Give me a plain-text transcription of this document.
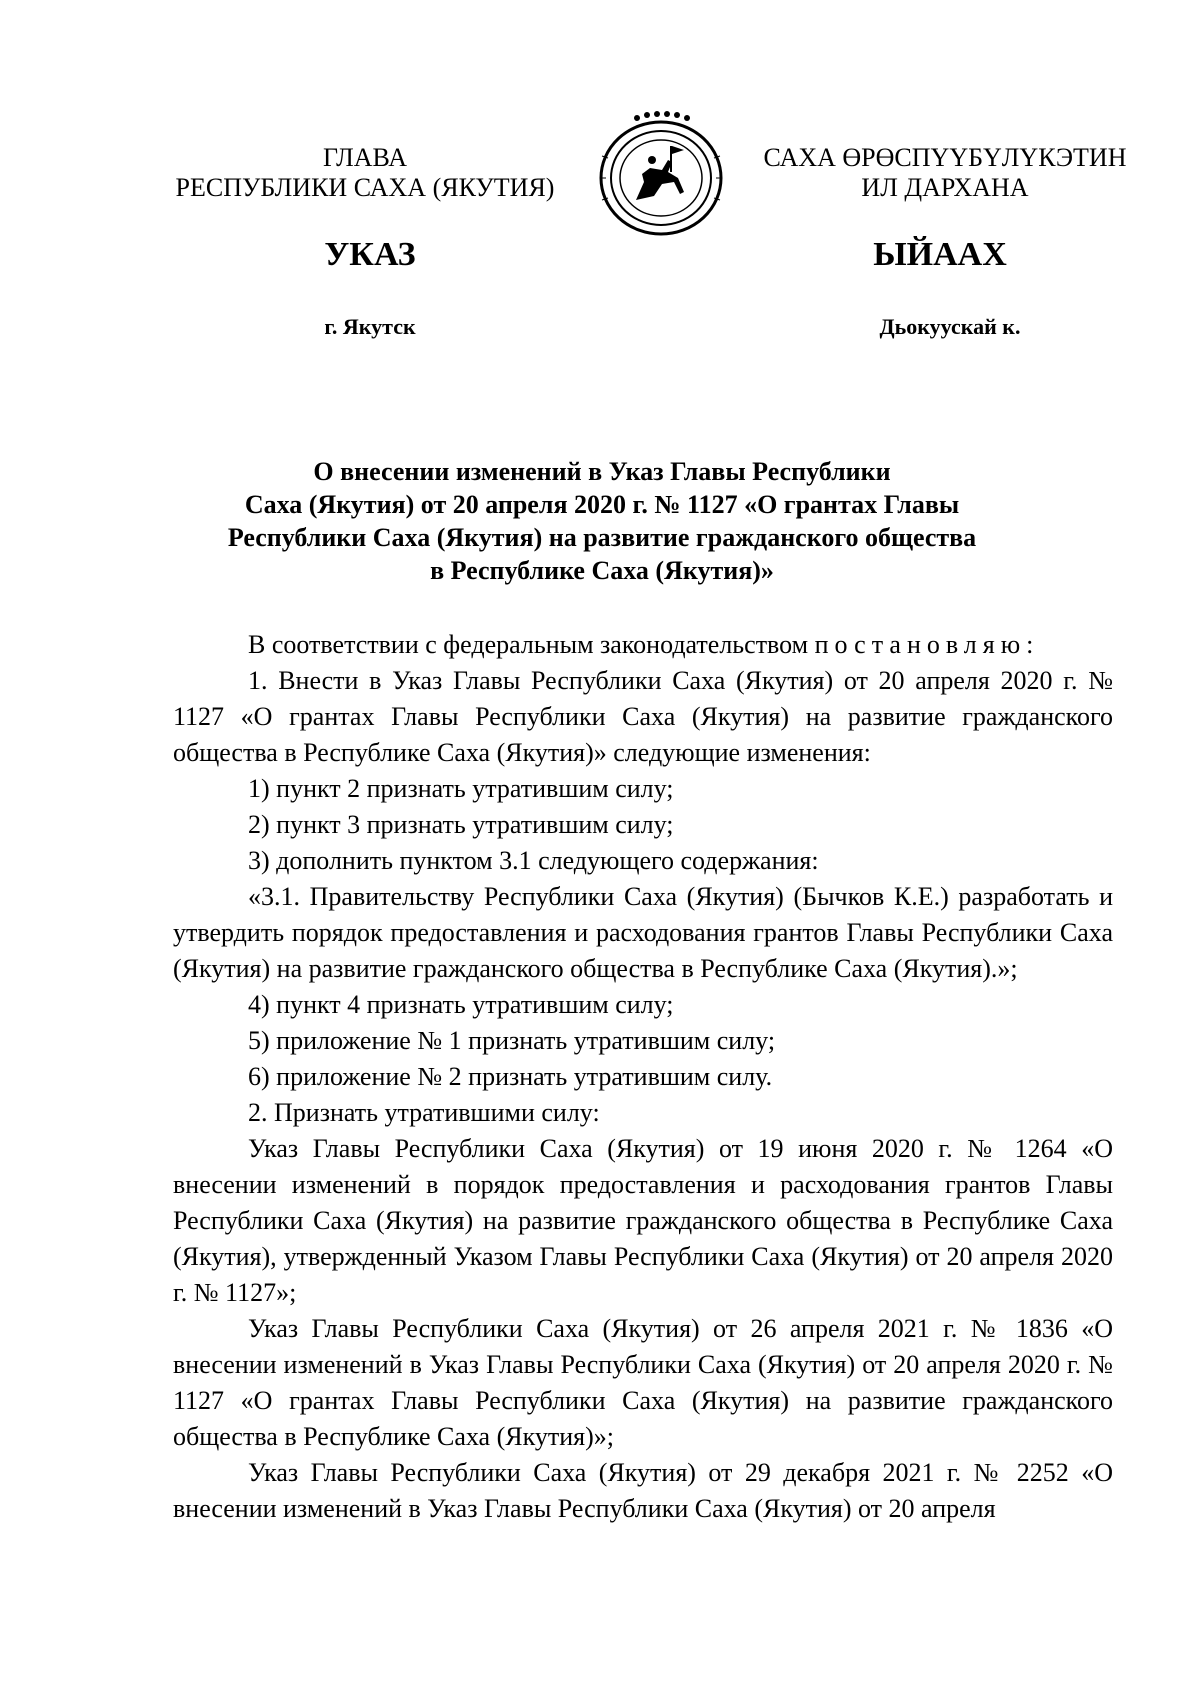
ГЛАВА
РЕСПУБЛИКИ САХА (ЯКУТИЯ)
САХА ӨРӨСПҮҮБҮЛҮКЭТИН
ИЛ ДАРХАНА
УКАЗ	ЫЙААХ
г. Якутск	Дьокуускай к.
О внесении изменений в Указ Главы Республики
Саха (Якутия) от 20 апреля 2020 г. № 1127 «О грантах Главы
Республики Саха (Якутия) на развитие гражданского общества
в Республике Саха (Якутия)»

В соответствии с федеральным законодательством постановляю:

1. Внести в Указ Главы Республики Саха (Якутия) от 20 апреля 2020 г. № 1127 «О грантах Главы Республики Саха (Якутия) на развитие гражданского общества в Республике Саха (Якутия)» следующие изменения:

1) пункт 2 признать утратившим силу;

2) пункт 3 признать утратившим силу;

3) дополнить пунктом 3.1 следующего содержания:

«3.1. Правительству Республики Саха (Якутия) (Бычков К.Е.) разработать и утвердить порядок предоставления и расходования грантов Главы Республики Саха (Якутия) на развитие гражданского общества в Республике Саха (Якутия).»;

4) пункт 4 признать утратившим силу;

5) приложение № 1 признать утратившим силу;

6) приложение № 2 признать утратившим силу.

2. Признать утратившими силу:

Указ Главы Республики Саха (Якутия) от 19 июня 2020 г. № 1264 «О внесении изменений в порядок предоставления и расходования грантов Главы Республики Саха (Якутия) на развитие гражданского общества в Республике Саха (Якутия), утвержденный Указом Главы Республики Саха (Якутия) от 20 апреля 2020 г. № 1127»;

Указ Главы Республики Саха (Якутия) от 26 апреля 2021 г. № 1836 «О внесении изменений в Указ Главы Республики Саха (Якутия) от 20 апреля 2020 г. № 1127 «О грантах Главы Республики Саха (Якутия) на развитие гражданского общества в Республике Саха (Якутия)»;

Указ Главы Республики Саха (Якутия) от 29 декабря 2021 г. № 2252 «О внесении изменений в Указ Главы Республики Саха (Якутия) от 20 апреля
